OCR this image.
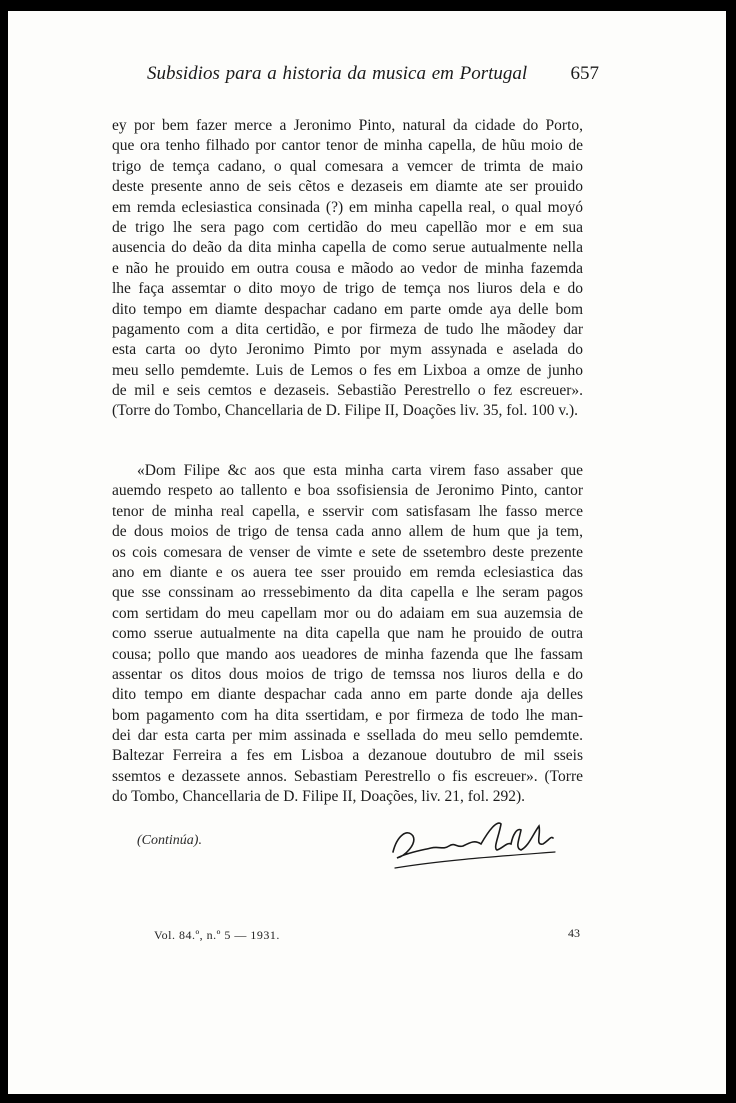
Subsidios para a historia da musica em Portugal 657
ey por bem fazer merce a Jeronimo Pinto, natural da cidade do Porto,
que ora tenho filhado por cantor tenor de minha capella, de hũu moio de
trigo de temça cadano, o qual comesara a vemcer de trimta de maio
deste presente anno de seis cẽtos e dezaseis em diamte ate ser prouido
em remda eclesiastica consinada (?) em minha capella real, o qual moyó
de trigo lhe sera pago com certidão do meu capellão mor e em sua
ausencia do deão da dita minha capella de como serue autualmente nella
e não he prouido em outra cousa e mãodo ao vedor de minha fazemda
lhe faça assemtar o dito moyo de trigo de temça nos liuros dela e do
dito tempo em diamte despachar cadano em parte omde aya delle bom
pagamento com a dita certidão, e por firmeza de tudo lhe mãodey dar
esta carta oo dyto Jeronimo Pimto por mym assynada e aselada do
meu sello pemdemte. Luis de Lemos o fes em Lixboa a omze de junho
de mil e seis cemtos e dezaseis. Sebastião Perestrello o fez escreuer».
(Torre do Tombo, Chancellaria de D. Filipe II, Doações liv. 35, fol. 100 v.).
«Dom Filipe &c aos que esta minha carta virem faso assaber que
auemdo respeto ao tallento e boa ssofisiensia de Jeronimo Pinto, cantor
tenor de minha real capella, e sservir com satisfasam lhe fasso merce
de dous moios de trigo de tensa cada anno allem de hum que ja tem,
os cois comesara de venser de vimte e sete de ssetembro deste prezente
ano em diante e os auera tee sser prouido em remda eclesiastica das
que sse conssinam ao rressebimento da dita capella e lhe seram pagos
com sertidam do meu capellam mor ou do adaiam em sua auzemsia de
como sserue autualmente na dita capella que nam he prouido de outra
cousa; pollo que mando aos ueadores de minha fazenda que lhe fassam
assentar os ditos dous moios de trigo de temssa nos liuros della e do
dito tempo em diante despachar cada anno em parte donde aja delles
bom pagamento com ha dita ssertidam, e por firmeza de todo lhe man-
dei dar esta carta per mim assinada e ssellada do meu sello pemdemte.
Baltezar Ferreira a fes em Lisboa a dezanoue doutubro de mil sseis
ssemtos e dezassete annos. Sebastiam Perestrello o fis escreuer». (Torre
do Tombo, Chancellaria de D. Filipe II, Doações, liv. 21, fol. 292).
(Continúa).
Vol. 84.º, n.º 5 — 1931.	43
